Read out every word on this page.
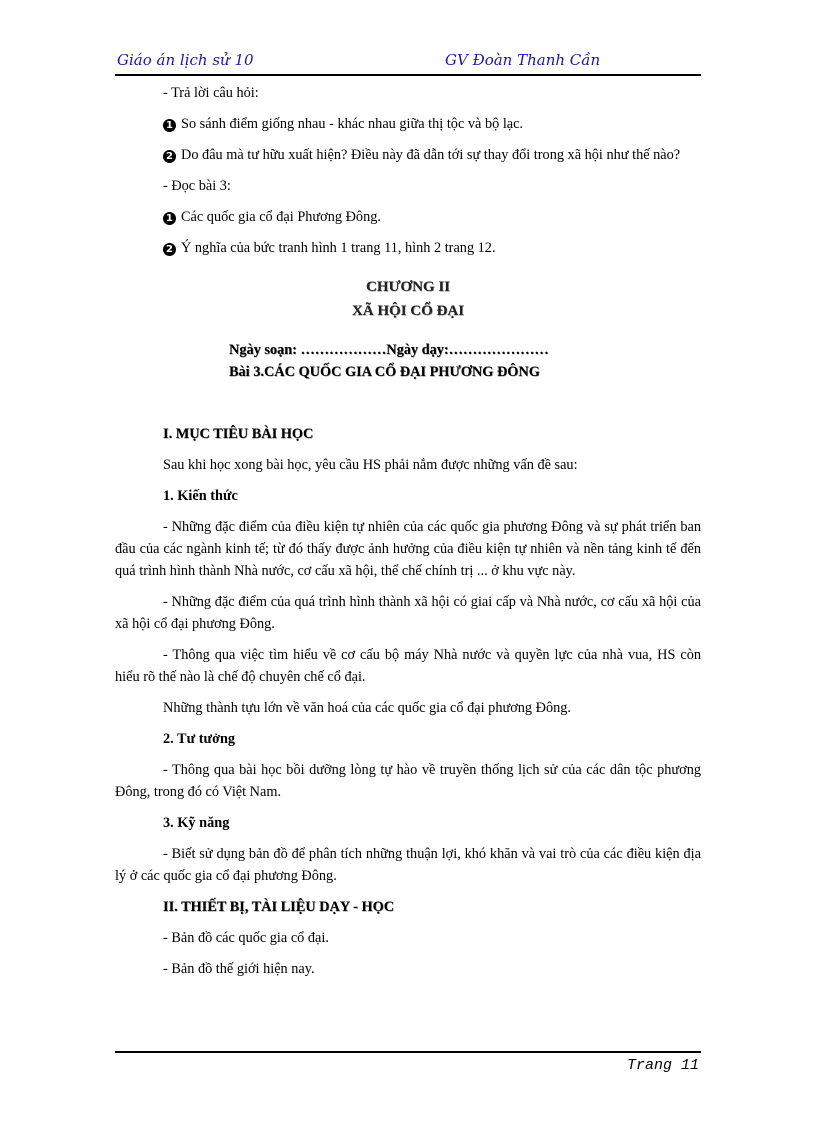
Giáo án lịch sử 10	GV Đoàn Thanh Cần

- Trả lời câu hỏi:

1 So sánh điểm giống nhau - khác nhau giữa thị tộc và bộ lạc.

2 Do đâu mà tư hữu xuất hiện? Điều này đã dẫn tới sự thay đổi trong xã hội như thế nào?

- Đọc bài 3:

1 Các quốc gia cổ đại Phương Đông.

2 Ý nghĩa của bức tranh hình 1 trang 11, hình 2 trang 12.

CHƯƠNG II

XÃ HỘI CỔ ĐẠI

Ngày soạn: ………………Ngày dạy:…………………

Bài 3.CÁC QUỐC GIA CỔ ĐẠI PHƯƠNG ĐÔNG

I. MỤC TIÊU BÀI HỌC

Sau khi học xong bài học, yêu cầu HS phải nắm được những vấn đề sau:

1. Kiến thức

- Những đặc điểm của điều kiện tự nhiên của các quốc gia phương Đông và sự phát triển ban đầu của các ngành kinh tế; từ đó thấy được ảnh hưởng của điều kiện tự nhiên và nền tảng kinh tế đến quá trình hình thành Nhà nước, cơ cấu xã hội, thể chế chính trị ... ở khu vực này.

- Những đặc điểm của quá trình hình thành xã hội có giai cấp và Nhà nước, cơ cấu xã hội của xã hội cổ đại phương Đông.

- Thông qua việc tìm hiểu về cơ cấu bộ máy Nhà nước và quyền lực của nhà vua, HS còn hiểu rõ thế nào là chế độ chuyên chế cổ đại.

Những thành tựu lớn về văn hoá của các quốc gia cổ đại phương Đông.

2. Tư tưởng

- Thông qua bài học bồi dưỡng lòng tự hào về truyền thống lịch sử của các dân tộc phương Đông, trong đó có Việt Nam.

3. Kỹ năng

- Biết sử dụng bản đồ để phân tích những thuận lợi, khó khăn và vai trò của các điều kiện địa lý ở các quốc gia cổ đại phương Đông.

II. THIẾT BỊ, TÀI LIỆU DẠY - HỌC

- Bản đồ các quốc gia cổ đại.

- Bản đồ thế giới hiện nay.

Trang 11
